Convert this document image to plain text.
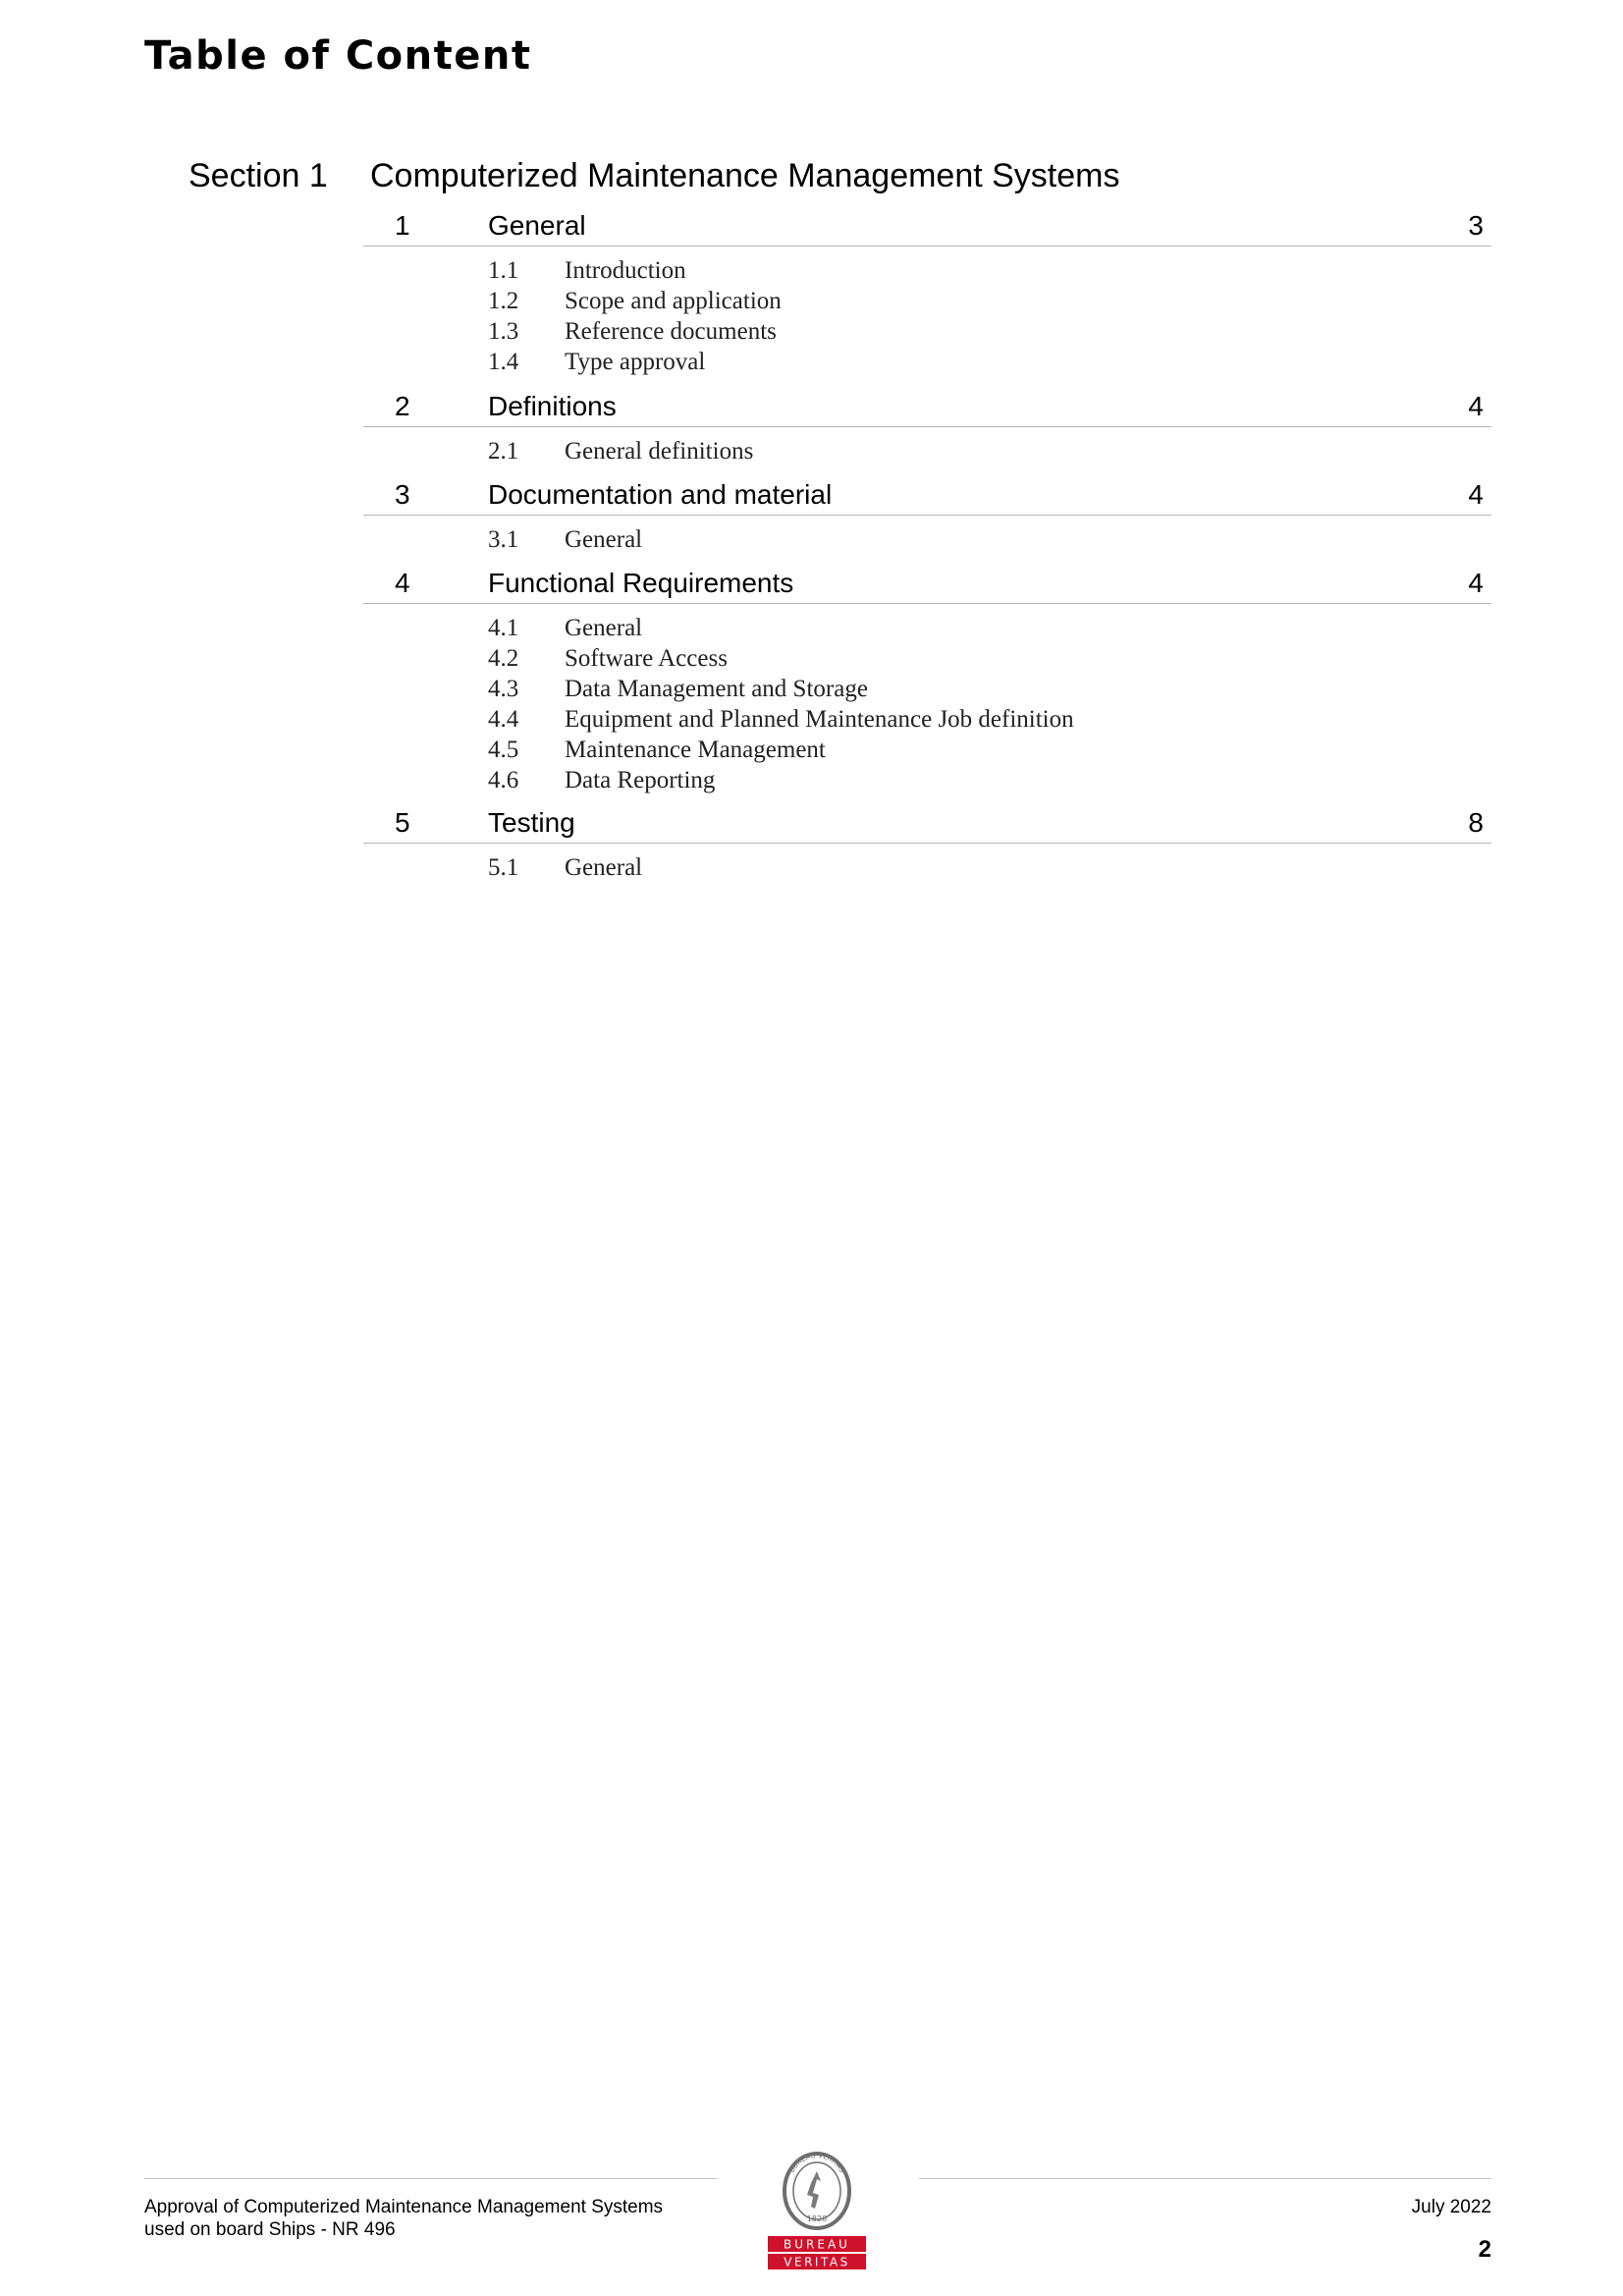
Table of Content
Section 1 Computerized Maintenance Management Systems
1	General	3
1.1 Introduction
1.2 Scope and application
1.3 Reference documents
1.4 Type approval
2	Definitions	4
2.1 General definitions
3	Documentation and material	4
3.1 General
4	Functional Requirements	4
4.1 General
4.2 Software Access
4.3 Data Management and Storage
4.4 Equipment and Planned Maintenance Job definition
4.5 Maintenance Management
4.6 Data Reporting
5	Testing	8
5.1 General
Approval of Computerized Maintenance Management Systems
used on board Ships - NR 496
July 2022
2
BUREAU VERITAS
1828
BUREAU
VERITAS
